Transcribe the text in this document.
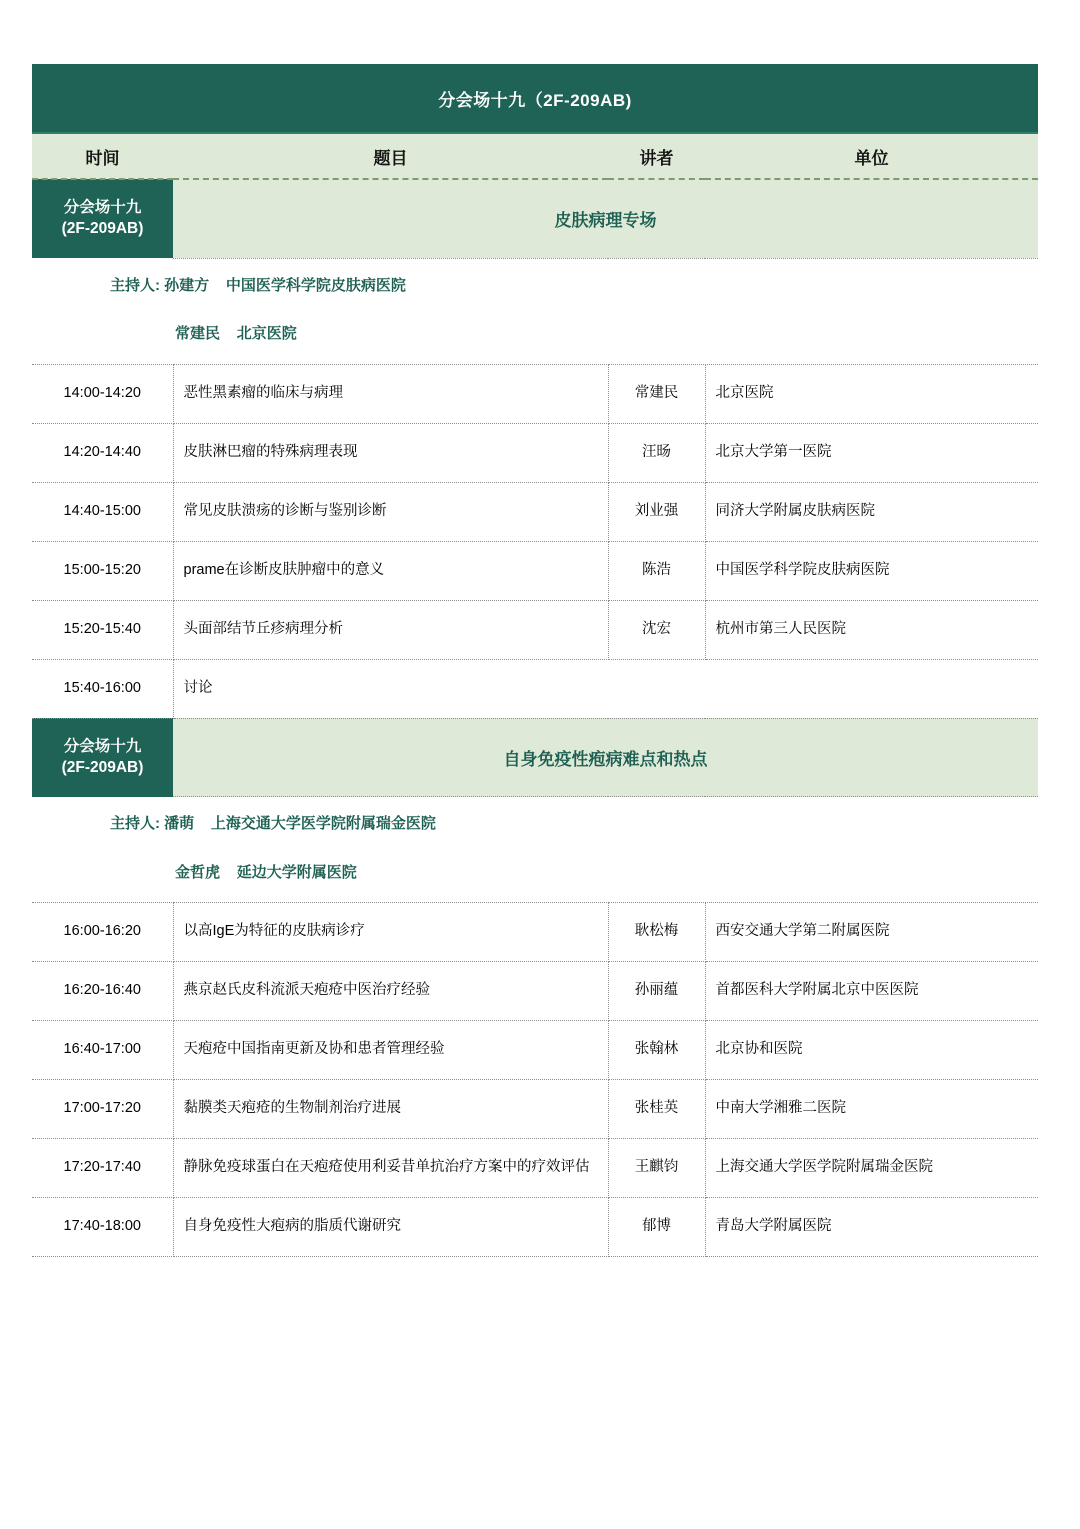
分会场十九（2F-209AB)			
时间	题目	讲者	单位
分会场十九
(2F-209AB)	皮肤病理专场		

主持人: 孙建方 中国医学科学院皮肤病医院
常建民 北京医院			

14:00-14:20	恶性黑素瘤的临床与病理	常建民	北京医院
14:20-14:40	皮肤淋巴瘤的特殊病理表现	汪旸	北京大学第一医院
14:40-15:00	常见皮肤溃疡的诊断与鉴别诊断	刘业强	同济大学附属皮肤病医院
15:00-15:20	prame在诊断皮肤肿瘤中的意义	陈浩	中国医学科学院皮肤病医院
15:20-15:40	头面部结节丘疹病理分析	沈宏	杭州市第三人民医院
15:40-16:00	讨论		
分会场十九
(2F-209AB)	自身免疫性疱病难点和热点		

主持人: 潘萌 上海交通大学医学院附属瑞金医院
金哲虎 延边大学附属医院			

16:00-16:20	以高IgE为特征的皮肤病诊疗	耿松梅	西安交通大学第二附属医院
16:20-16:40	燕京赵氏皮科流派天疱疮中医治疗经验	孙丽蕴	首都医科大学附属北京中医医院
16:40-17:00	天疱疮中国指南更新及协和患者管理经验	张翰林	北京协和医院
17:00-17:20	黏膜类天疱疮的生物制剂治疗进展	张桂英	中南大学湘雅二医院
17:20-17:40	静脉免疫球蛋白在天疱疮使用利妥昔单抗治疗方案中的疗效评估	王麒钧	上海交通大学医学院附属瑞金医院
17:40-18:00	自身免疫性大疱病的脂质代谢研究	郁博	青岛大学附属医院
